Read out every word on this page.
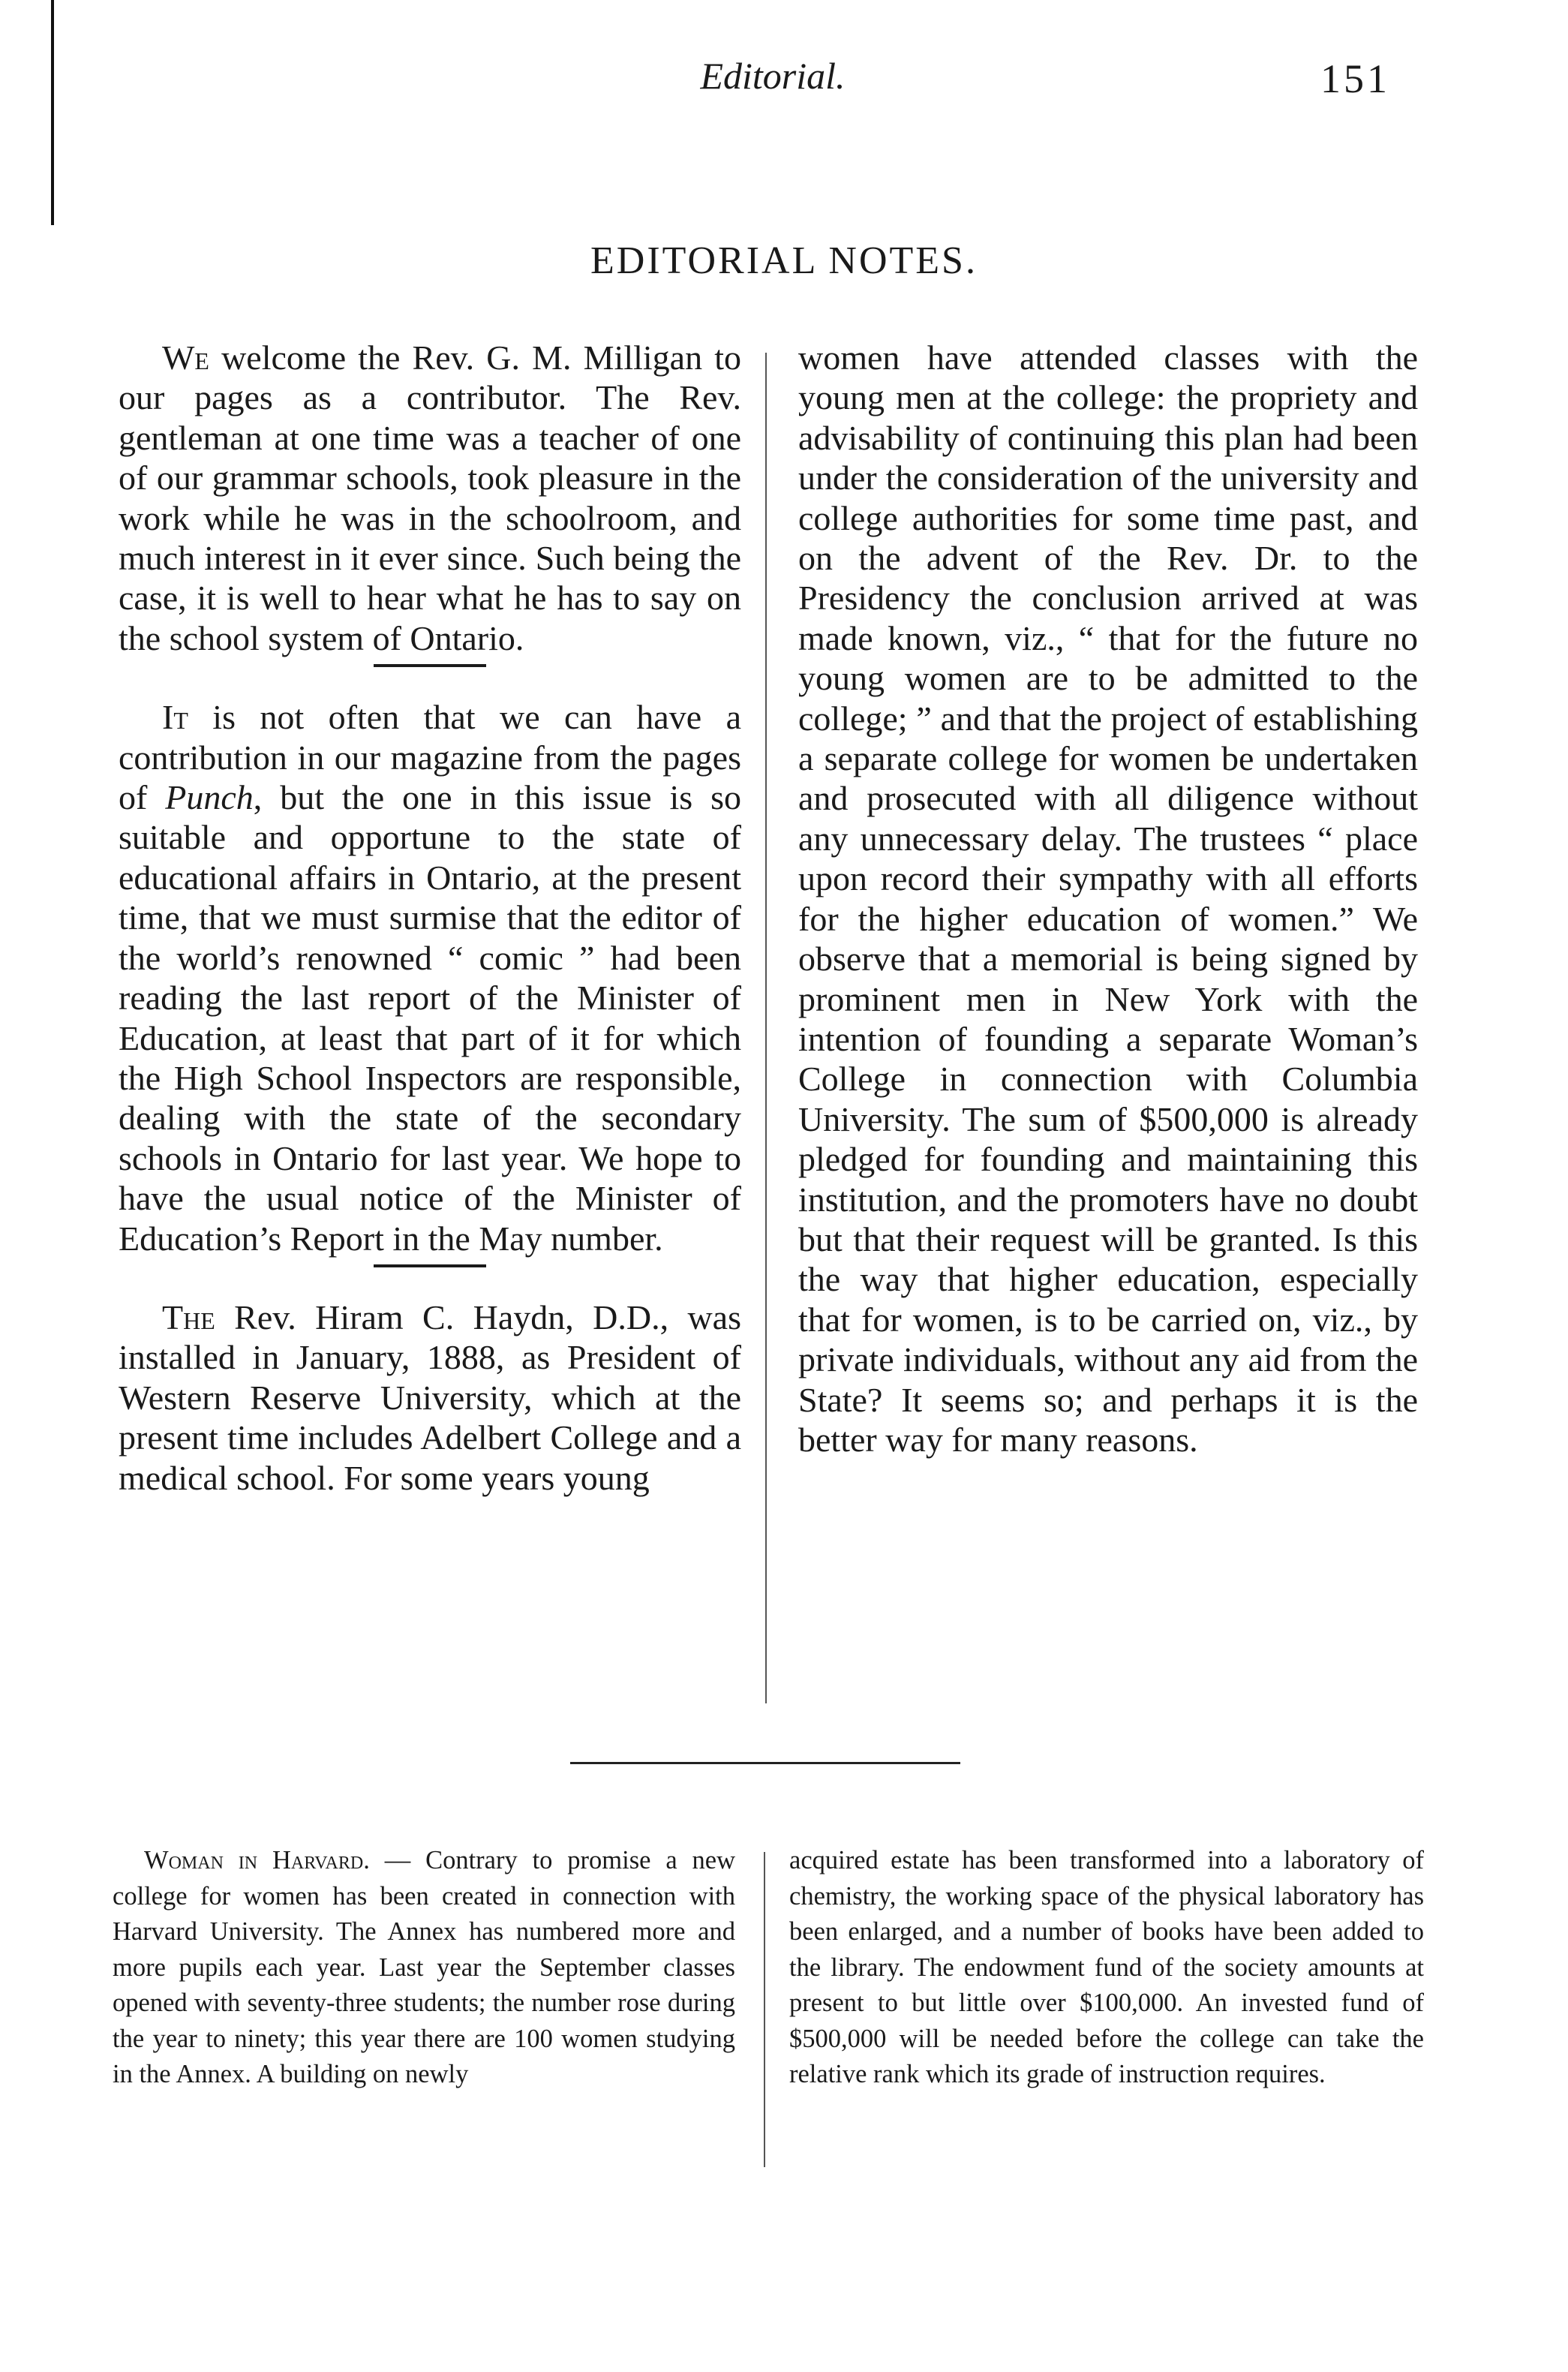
Editorial.	151
EDITORIAL NOTES.

We welcome the Rev. G. M. Milligan to our pages as a contributor. The Rev. gentleman at one time was a teacher of one of our grammar schools, took pleasure in the work while he was in the schoolroom, and much interest in it ever since. Such being the case, it is well to hear what he has to say on the school system of Ontario.

It is not often that we can have a contribution in our magazine from the pages of Punch, but the one in this issue is so suitable and opportune to the state of educational affairs in Ontario, at the present time, that we must surmise that the editor of the world’s renowned “ comic ” had been reading the last report of the Minister of Education, at least that part of it for which the High School Inspectors are responsible, dealing with the state of the secondary schools in Ontario for last year. We hope to have the usual notice of the Minister of Education’s Report in the May number.

The Rev. Hiram C. Haydn, D.D., was installed in January, 1888, as President of Western Reserve University, which at the present time includes Adelbert College and a medical school. For some years young

women have attended classes with the young men at the college: the propriety and advisability of continuing this plan had been under the consideration of the university and college authorities for some time past, and on the advent of the Rev. Dr. to the Presidency the conclusion arrived at was made known, viz., “ that for the future no young women are to be admitted to the college; ” and that the project of establishing a separate college for women be undertaken and prosecuted with all diligence without any unnecessary delay. The trustees “ place upon record their sympathy with all efforts for the higher education of women.” We observe that a memorial is being signed by prominent men in New York with the intention of founding a separate Woman’s College in connection with Columbia University. The sum of $500,000 is already pledged for founding and maintaining this institution, and the promoters have no doubt but that their request will be granted. Is this the way that higher education, especially that for women, is to be carried on, viz., by private individuals, without any aid from the State? It seems so; and perhaps it is the better way for many reasons.

Woman in Harvard. — Contrary to promise a new college for women has been created in connection with Harvard University. The Annex has numbered more and more pupils each year. Last year the September classes opened with seventy-three students; the number rose during the year to ninety; this year there are 100 women studying in the Annex. A building on newly

acquired estate has been transformed into a laboratory of chemistry, the working space of the physical laboratory has been enlarged, and a number of books have been added to the library. The endowment fund of the society amounts at present to but little over $100,000. An invested fund of $500,000 will be needed before the college can take the relative rank which its grade of instruction requires.
